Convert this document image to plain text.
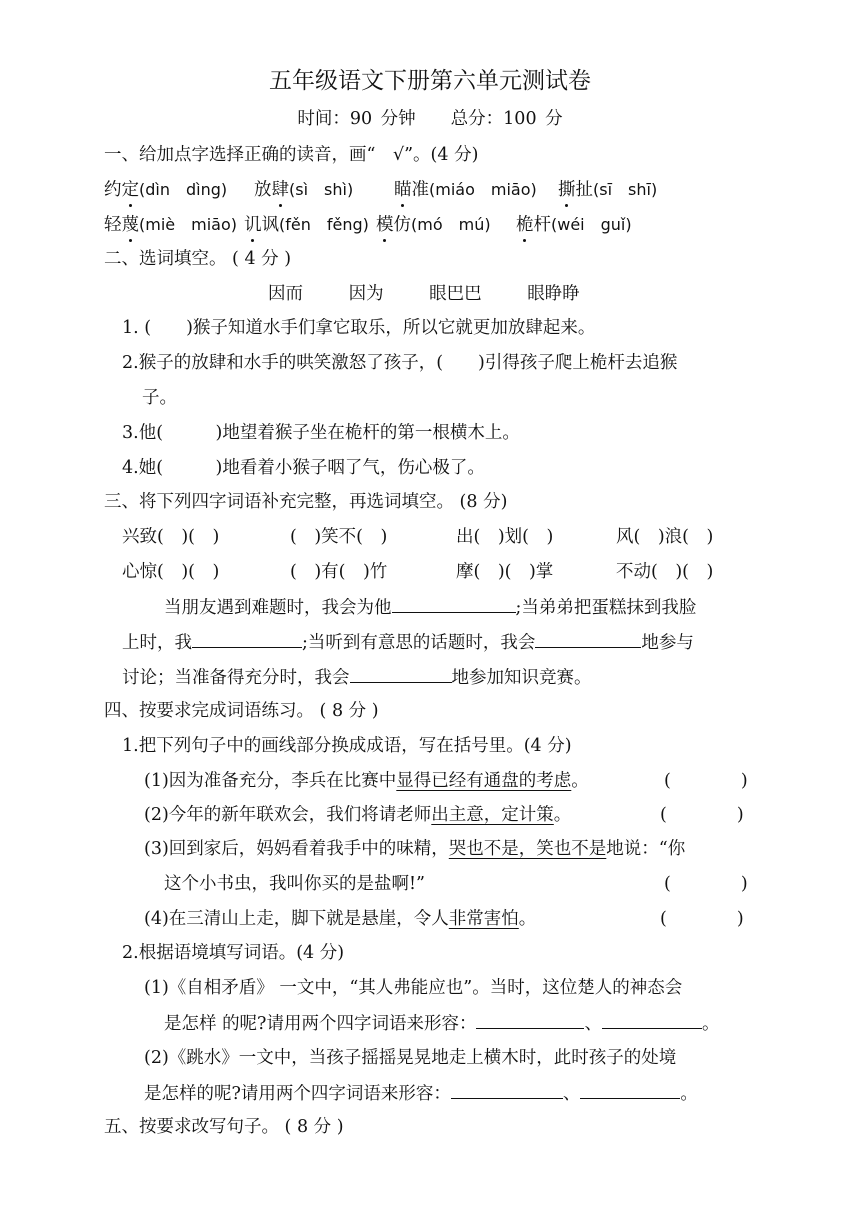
五年级语文下册第六单元测试卷
时间：90 分钟　　总分：100 分
一、给加点字选择正确的读音，画“　√”。(4 分)
约定(dìn　dìng) 放肆(sì　shì) 瞄准(miáo　miāo) 撕扯(sī　shī)
轻蔑(miè　miāo) 讥讽(fěn　fěng) 模仿(mó　mú) 桅杆(wéi　guǐ)
二、选词填空。 ( 4 分 )
因而	因为	眼巴巴	眼睁睁
1. (　　)猴子知道水手们拿它取乐，所以它就更加放肆起来。
2.猴子的放肆和水手的哄笑激怒了孩子，(　　)引得孩子爬上桅杆去追猴
子。
3.他(　　　)地望着猴子坐在桅杆的第一根横木上。
4.她(　　　)地看着小猴子咽了气，伤心极了。
三、将下列四字词语补充完整，再选词填空。 (8 分)
兴致(　)(　)	(　)笑不(　)	出(　)划(　)	风(　)浪(　)
心惊(　)(　)	(　)有(　)竹	摩(　)(　)掌	不动(　)(　)
当朋友遇到难题时，我会为他	;当弟弟把蛋糕抹到我脸
上时，我	;当听到有意思的话题时，我会	地参与
讨论；当准备得充分时，我会	地参加知识竞赛。
四、按要求完成词语练习。 ( 8 分 )
1.把下列句子中的画线部分换成成语，写在括号里。(4 分)
(1)因为准备充分，李兵在比赛中显得已经有通盘的考虑。	(　　　　)
(2)今年的新年联欢会，我们将请老师出主意，定计策。	(　　　　)
(3)回到家后，妈妈看着我手中的味精，哭也不是，笑也不是地说：“你
这个小书虫，我叫你买的是盐啊!”	(　　　　)
(4)在三清山上走，脚下就是悬崖，令人非常害怕。	(　　　　)
2.根据语境填写词语。(4 分)
(1)《自相矛盾》 一文中，“其人弗能应也”。当时，这位楚人的神态会
是怎样 的呢?请用两个四字词语来形容：	、	。
(2)《跳水》一文中，当孩子摇摇晃晃地走上横木时，此时孩子的处境
是怎样的呢?请用两个四字词语来形容：	、	。
五、按要求改写句子。 ( 8 分 )
